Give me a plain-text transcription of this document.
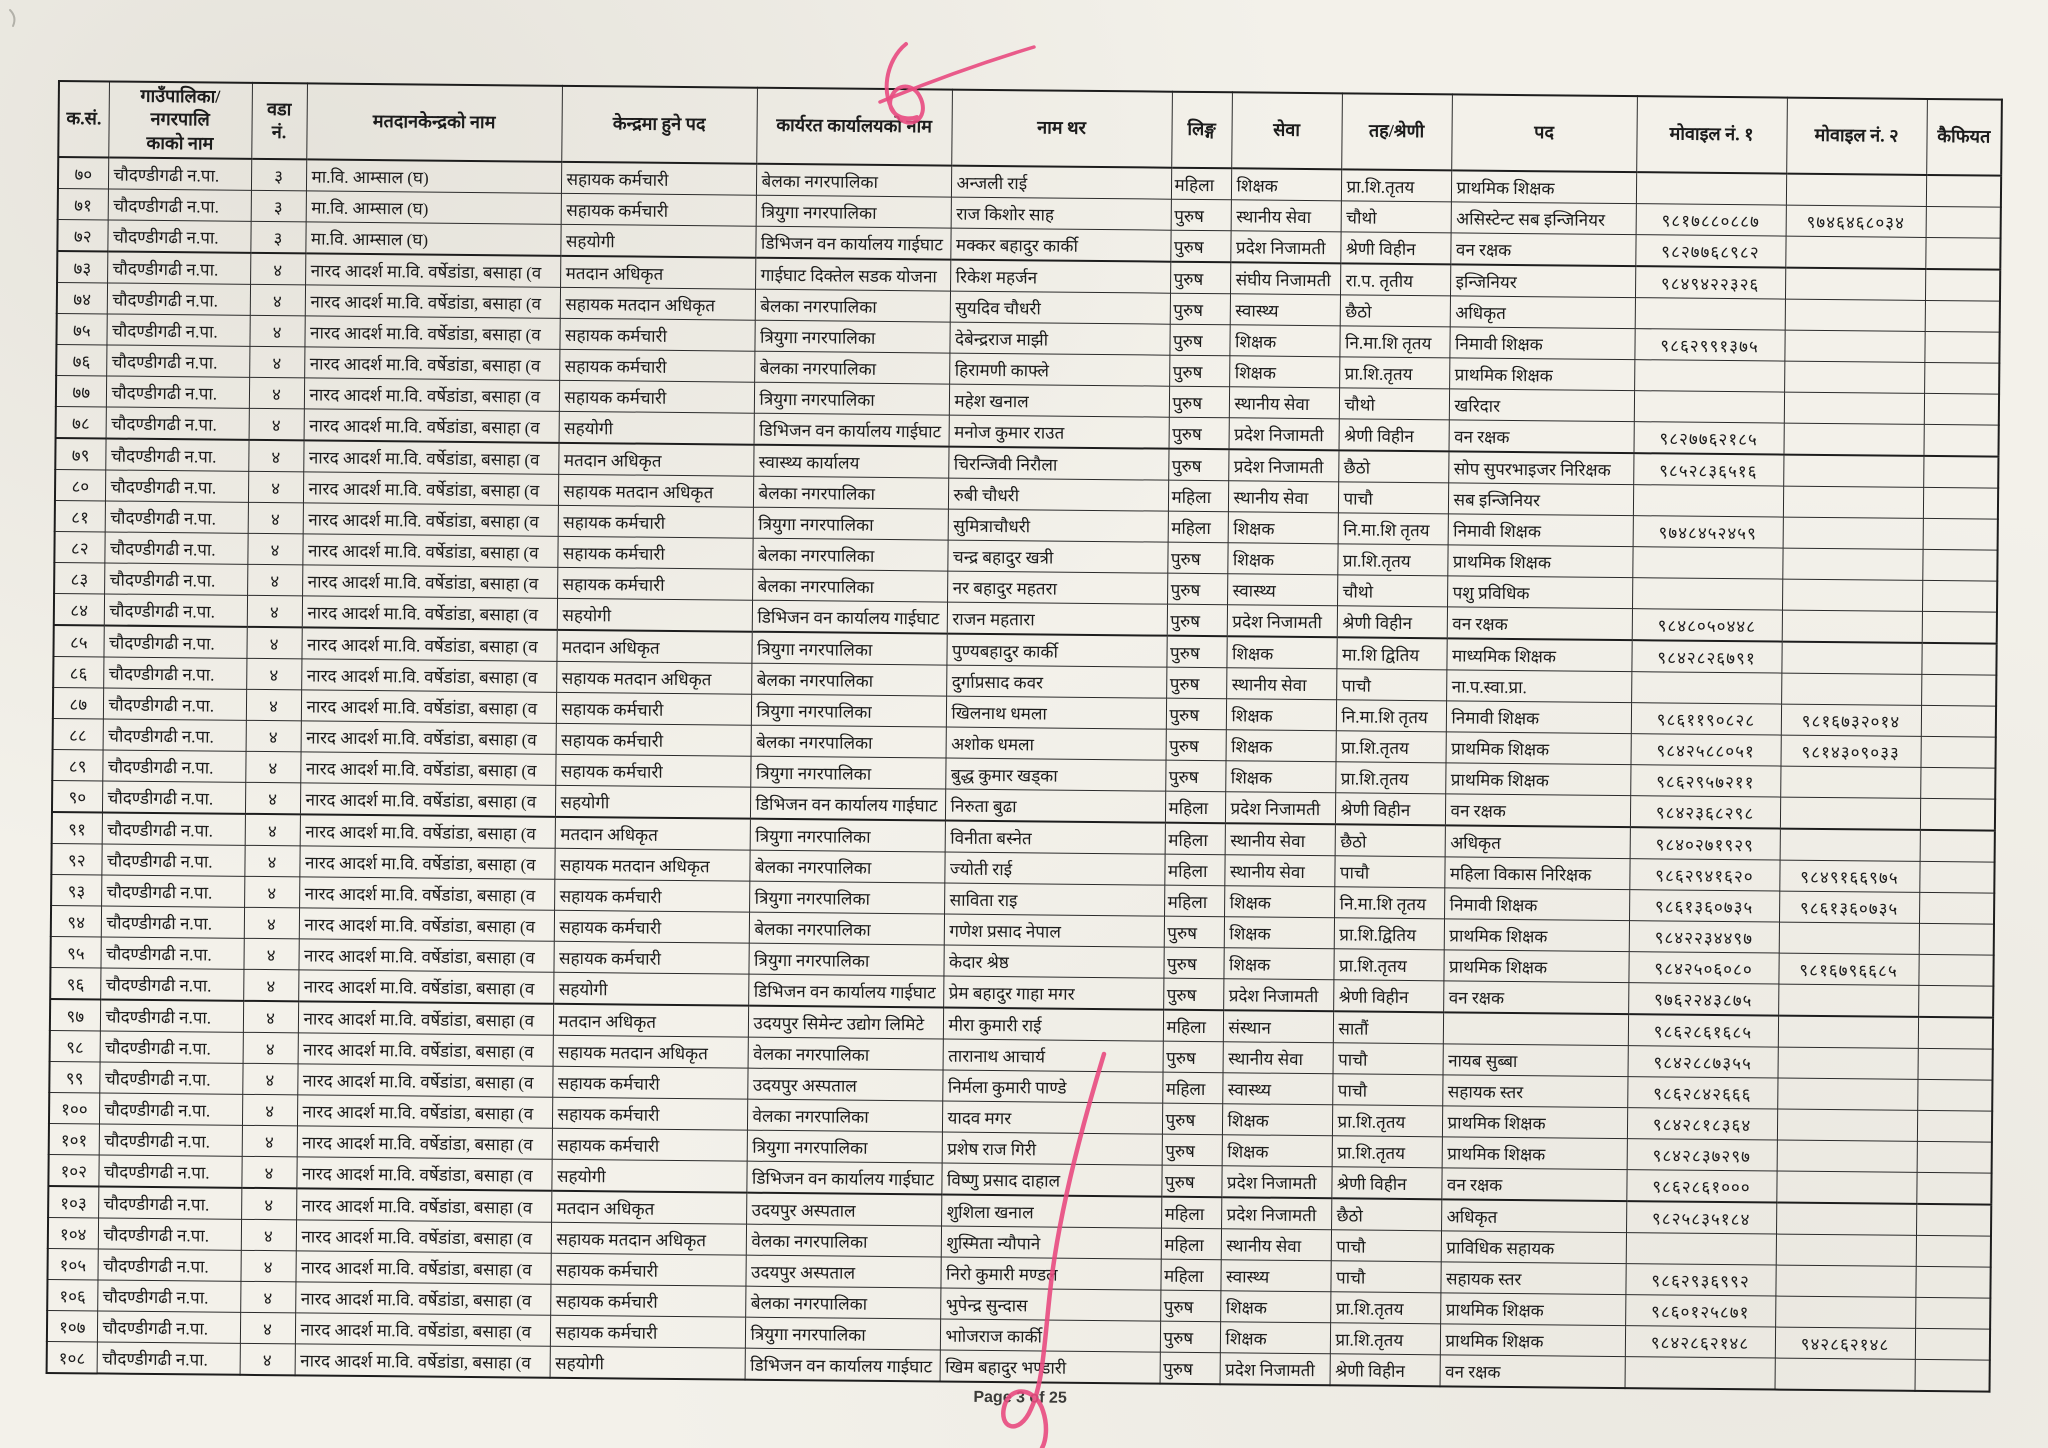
क.सं.	गाउँपालिका/नगरपालि
काको नाम	वडा
नं.	मतदानकेन्द्रको नाम	केन्द्रमा हुने पद	कार्यरत कार्यालयको नाम	नाम थर	लिङ्ग	सेवा	तह/श्रेणी	पद	मोवाइल नं. १	मोवाइल नं. २	कैफियत
७०	चौदण्डीगढी न.पा.	३	मा.वि. आम्साल (घ)	सहायक कर्मचारी	बेलका नगरपालिका	अन्जली राई	महिला	शिक्षक	प्रा.शि.तृतय	प्राथमिक शिक्षक			
७१	चौदण्डीगढी न.पा.	३	मा.वि. आम्साल (घ)	सहायक कर्मचारी	त्रियुगा नगरपालिका	राज किशोर साह	पुरुष	स्थानीय सेवा	चौथो	असिस्टेन्ट सब इन्जिनियर	९८१७८८०८८७	९७४६४६८०३४	
७२	चौदण्डीगढी न.पा.	३	मा.वि. आम्साल (घ)	सहयोगी	डिभिजन वन कार्यालय गाईघाट	मक्कर बहादुर कार्की	पुरुष	प्रदेश निजामती	श्रेणी विहीन	वन रक्षक	९८२७७६८९८२		
७३	चौदण्डीगढी न.पा.	४	नारद आदर्श मा.वि. वर्षेडांडा, बसाहा (व	मतदान अधिकृत	गाईघाट दिक्तेल सडक योजना	रिकेश महर्जन	पुरुष	संघीय निजामती	रा.प. तृतीय	इन्जिनियर	९८४९४२२३२६		
७४	चौदण्डीगढी न.पा.	४	नारद आदर्श मा.वि. वर्षेडांडा, बसाहा (व	सहायक मतदान अधिकृत	बेलका नगरपालिका	सुयदिव चौधरी	पुरुष	स्वास्थ्य	छैठो	अधिकृत			
७५	चौदण्डीगढी न.पा.	४	नारद आदर्श मा.वि. वर्षेडांडा, बसाहा (व	सहायक कर्मचारी	त्रियुगा नगरपालिका	देबेन्द्रराज माझी	पुरुष	शिक्षक	नि.मा.शि तृतय	निमावी शिक्षक	९८६२९९१३७५		
७६	चौदण्डीगढी न.पा.	४	नारद आदर्श मा.वि. वर्षेडांडा, बसाहा (व	सहायक कर्मचारी	बेलका नगरपालिका	हिरामणी काफ्ले	पुरुष	शिक्षक	प्रा.शि.तृतय	प्राथमिक शिक्षक			
७७	चौदण्डीगढी न.पा.	४	नारद आदर्श मा.वि. वर्षेडांडा, बसाहा (व	सहायक कर्मचारी	त्रियुगा नगरपालिका	महेश खनाल	पुरुष	स्थानीय सेवा	चौथो	खरिदार			
७८	चौदण्डीगढी न.पा.	४	नारद आदर्श मा.वि. वर्षेडांडा, बसाहा (व	सहयोगी	डिभिजन वन कार्यालय गाईघाट	मनोज कुमार राउत	पुरुष	प्रदेश निजामती	श्रेणी विहीन	वन रक्षक	९८२७७६२१८५		
७९	चौदण्डीगढी न.पा.	४	नारद आदर्श मा.वि. वर्षेडांडा, बसाहा (व	मतदान अधिकृत	स्वास्थ्य कार्यालय	चिरन्जिवी निरौला	पुरुष	प्रदेश निजामती	छैठो	सोप सुपरभाइजर निरिक्षक	९८५२८३६५१६		
८०	चौदण्डीगढी न.पा.	४	नारद आदर्श मा.वि. वर्षेडांडा, बसाहा (व	सहायक मतदान अधिकृत	बेलका नगरपालिका	रुबी चौधरी	महिला	स्थानीय सेवा	पाचौ	सब इन्जिनियर			
८१	चौदण्डीगढी न.पा.	४	नारद आदर्श मा.वि. वर्षेडांडा, बसाहा (व	सहायक कर्मचारी	त्रियुगा नगरपालिका	सुमित्राचौधरी	महिला	शिक्षक	नि.मा.शि तृतय	निमावी शिक्षक	९७४८४५२४५९		
८२	चौदण्डीगढी न.पा.	४	नारद आदर्श मा.वि. वर्षेडांडा, बसाहा (व	सहायक कर्मचारी	बेलका नगरपालिका	चन्द्र बहादुर खत्री	पुरुष	शिक्षक	प्रा.शि.तृतय	प्राथमिक शिक्षक			
८३	चौदण्डीगढी न.पा.	४	नारद आदर्श मा.वि. वर्षेडांडा, बसाहा (व	सहायक कर्मचारी	बेलका नगरपालिका	नर बहादुर महतरा	पुरुष	स्वास्थ्य	चौथो	पशु प्रविधिक			
८४	चौदण्डीगढी न.पा.	४	नारद आदर्श मा.वि. वर्षेडांडा, बसाहा (व	सहयोगी	डिभिजन वन कार्यालय गाईघाट	राजन महतारा	पुरुष	प्रदेश निजामती	श्रेणी विहीन	वन रक्षक	९८४८०५०४४८		
८५	चौदण्डीगढी न.पा.	४	नारद आदर्श मा.वि. वर्षेडांडा, बसाहा (व	मतदान अधिकृत	त्रियुगा नगरपालिका	पुण्यबहादुर कार्की	पुरुष	शिक्षक	मा.शि द्वितिय	माध्यमिक शिक्षक	९८४२८२६७९१		
८६	चौदण्डीगढी न.पा.	४	नारद आदर्श मा.वि. वर्षेडांडा, बसाहा (व	सहायक मतदान अधिकृत	बेलका नगरपालिका	दुर्गाप्रसाद कवर	पुरुष	स्थानीय सेवा	पाचौ	ना.प.स्वा.प्रा.			
८७	चौदण्डीगढी न.पा.	४	नारद आदर्श मा.वि. वर्षेडांडा, बसाहा (व	सहायक कर्मचारी	त्रियुगा नगरपालिका	खिलनाथ धमला	पुरुष	शिक्षक	नि.मा.शि तृतय	निमावी शिक्षक	९८६११९०८२८	९८१६७३२०१४	
८८	चौदण्डीगढी न.पा.	४	नारद आदर्श मा.वि. वर्षेडांडा, बसाहा (व	सहायक कर्मचारी	बेलका नगरपालिका	अशोक धमला	पुरुष	शिक्षक	प्रा.शि.तृतय	प्राथमिक शिक्षक	९८४२५८८०५१	९८१४३०९०३३	
८९	चौदण्डीगढी न.पा.	४	नारद आदर्श मा.वि. वर्षेडांडा, बसाहा (व	सहायक कर्मचारी	त्रियुगा नगरपालिका	बुद्ध कुमार खड्का	पुरुष	शिक्षक	प्रा.शि.तृतय	प्राथमिक शिक्षक	९८६२९५७२११		
९०	चौदण्डीगढी न.पा.	४	नारद आदर्श मा.वि. वर्षेडांडा, बसाहा (व	सहयोगी	डिभिजन वन कार्यालय गाईघाट	निरुता बुढा	महिला	प्रदेश निजामती	श्रेणी विहीन	वन रक्षक	९८४२३६८२९८		
९१	चौदण्डीगढी न.पा.	४	नारद आदर्श मा.वि. वर्षेडांडा, बसाहा (व	मतदान अधिकृत	त्रियुगा नगरपालिका	विनीता बस्नेत	महिला	स्थानीय सेवा	छैठो	अधिकृत	९८४०२७१९२९		
९२	चौदण्डीगढी न.पा.	४	नारद आदर्श मा.वि. वर्षेडांडा, बसाहा (व	सहायक मतदान अधिकृत	बेलका नगरपालिका	ज्योती राई	महिला	स्थानीय सेवा	पाचौ	महिला विकास निरिक्षक	९८६२९४१६२०	९८४९१६६९७५	
९३	चौदण्डीगढी न.पा.	४	नारद आदर्श मा.वि. वर्षेडांडा, बसाहा (व	सहायक कर्मचारी	त्रियुगा नगरपालिका	साविता राइ	महिला	शिक्षक	नि.मा.शि तृतय	निमावी शिक्षक	९८६१३६०७३५	९८६१३६०७३५	
९४	चौदण्डीगढी न.पा.	४	नारद आदर्श मा.वि. वर्षेडांडा, बसाहा (व	सहायक कर्मचारी	बेलका नगरपालिका	गणेश प्रसाद नेपाल	पुरुष	शिक्षक	प्रा.शि.द्वितिय	प्राथमिक शिक्षक	९८४२२३४४९७		
९५	चौदण्डीगढी न.पा.	४	नारद आदर्श मा.वि. वर्षेडांडा, बसाहा (व	सहायक कर्मचारी	त्रियुगा नगरपालिका	केदार श्रेष्ठ	पुरुष	शिक्षक	प्रा.शि.तृतय	प्राथमिक शिक्षक	९८४२५०६०८०	९८१६७९६६८५	
९६	चौदण्डीगढी न.पा.	४	नारद आदर्श मा.वि. वर्षेडांडा, बसाहा (व	सहयोगी	डिभिजन वन कार्यालय गाईघाट	प्रेम बहादुर गाहा मगर	पुरुष	प्रदेश निजामती	श्रेणी विहीन	वन रक्षक	९७६२२४३८७५		
९७	चौदण्डीगढी न.पा.	४	नारद आदर्श मा.वि. वर्षेडांडा, बसाहा (व	मतदान अधिकृत	उदयपुर सिमेन्ट उद्योग लिमिटे	मीरा कुमारी राई	महिला	संस्थान	सातौं		९८६२८६१६८५		
९८	चौदण्डीगढी न.पा.	४	नारद आदर्श मा.वि. वर्षेडांडा, बसाहा (व	सहायक मतदान अधिकृत	वेलका नगरपालिका	तारानाथ आचार्य	पुरुष	स्थानीय सेवा	पाचौ	नायब सुब्बा	९८४२८८७३५५		
९९	चौदण्डीगढी न.पा.	४	नारद आदर्श मा.वि. वर्षेडांडा, बसाहा (व	सहायक कर्मचारी	उदयपुर अस्पताल	निर्मला कुमारी पाण्डे	महिला	स्वास्थ्य	पाचौ	सहायक स्तर	९८६२८४२६६६		
१००	चौदण्डीगढी न.पा.	४	नारद आदर्श मा.वि. वर्षेडांडा, बसाहा (व	सहायक कर्मचारी	वेलका नगरपालिका	यादव मगर	पुरुष	शिक्षक	प्रा.शि.तृतय	प्राथमिक शिक्षक	९८४२८१८३६४		
१०१	चौदण्डीगढी न.पा.	४	नारद आदर्श मा.वि. वर्षेडांडा, बसाहा (व	सहायक कर्मचारी	त्रियुगा नगरपालिका	प्रशेष राज गिरी	पुरुष	शिक्षक	प्रा.शि.तृतय	प्राथमिक शिक्षक	९८४२८३७२९७		
१०२	चौदण्डीगढी न.पा.	४	नारद आदर्श मा.वि. वर्षेडांडा, बसाहा (व	सहयोगी	डिभिजन वन कार्यालय गाईघाट	विष्णु प्रसाद दाहाल	पुरुष	प्रदेश निजामती	श्रेणी विहीन	वन रक्षक	९८६२८६१०००		
१०३	चौदण्डीगढी न.पा.	४	नारद आदर्श मा.वि. वर्षेडांडा, बसाहा (व	मतदान अधिकृत	उदयपुर अस्पताल	शुशिला खनाल	महिला	प्रदेश निजामती	छैठो	अधिकृत	९८२५८३५१८४		
१०४	चौदण्डीगढी न.पा.	४	नारद आदर्श मा.वि. वर्षेडांडा, बसाहा (व	सहायक मतदान अधिकृत	वेलका नगरपालिका	शुस्मिता न्यौपाने	महिला	स्थानीय सेवा	पाचौ	प्राविधिक सहायक			
१०५	चौदण्डीगढी न.पा.	४	नारद आदर्श मा.वि. वर्षेडांडा, बसाहा (व	सहायक कर्मचारी	उदयपुर अस्पताल	निरो कुमारी मण्डल	महिला	स्वास्थ्य	पाचौ	सहायक स्तर	९८६२९३६९९२		
१०६	चौदण्डीगढी न.पा.	४	नारद आदर्श मा.वि. वर्षेडांडा, बसाहा (व	सहायक कर्मचारी	बेलका नगरपालिका	भुपेन्द्र सुन्दास	पुरुष	शिक्षक	प्रा.शि.तृतय	प्राथमिक शिक्षक	९८६०१२५८७१		
१०७	चौदण्डीगढी न.पा.	४	नारद आदर्श मा.वि. वर्षेडांडा, बसाहा (व	सहायक कर्मचारी	त्रियुगा नगरपालिका	भाोजराज कार्की	पुरुष	शिक्षक	प्रा.शि.तृतय	प्राथमिक शिक्षक	९८४२८६२१४८	९४२८६२१४८	
१०८	चौदण्डीगढी न.पा.	४	नारद आदर्श मा.वि. वर्षेडांडा, बसाहा (व	सहयोगी	डिभिजन वन कार्यालय गाईघाट	खिम बहादुर भण्डारी	पुरुष	प्रदेश निजामती	श्रेणी विहीन	वन रक्षक			
Page 3 of 25
